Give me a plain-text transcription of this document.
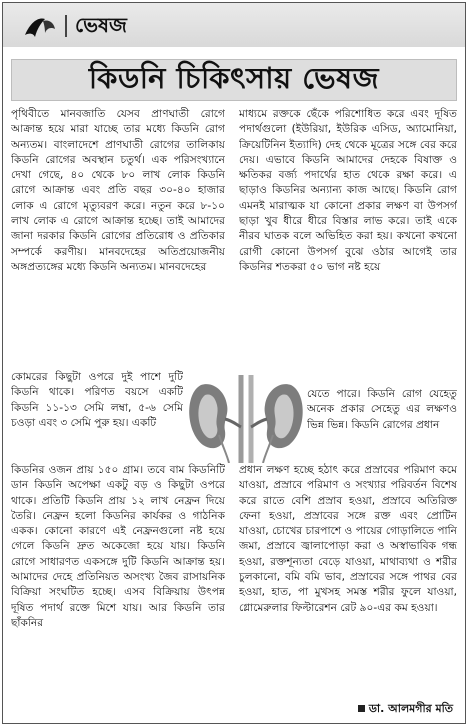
ভেষজ
কিডনি চিকিৎসায় ভেষজ

পৃথিবীতে মানবজাতি যেসব প্রাণঘাতী রোগে আক্রান্ত হয়ে মারা যাচ্ছে তার মধ্যে কিডনি রোগ অন্যতম। বাংলাদেশে প্রাণঘাতী রোগের তালিকায় কিডনি রোগের অবস্থান চতুর্থ। এক পরিসংখ্যানে দেখা গেছে, ৪০ থেকে ৮০ লাখ লোক কিডনি রোগে আক্রান্ত এবং প্রতি বছর ৩০-৪০ হাজার লোক এ রোগে মৃত্যুবরণ করে। নতুন করে ৮-১০ লাখ লোক এ রোগে আক্রান্ত হচ্ছে। তাই আমাদের জানা দরকার কিডনি রোগের প্রতিরোধ ও প্রতিকার সম্পর্কে করণীয়। মানবদেহের অতিপ্রয়োজনীয় অঙ্গপ্রত্যঙ্গের মধ্যে কিডনি অন্যতম। মানবদেহের

কোমরের কিছুটা ওপরে দুই পাশে দুটি কিডনি থাকে। পরিণত বয়সে একটি কিডনি ১১-১৩ সেমি লম্বা, ৫-৬ সেমি চওড়া এবং ৩ সেমি পুরু হয়। একটি

কিডনির ওজন প্রায় ১৫০ গ্রাম। তবে বাম কিডনিটি ডান কিডনি অপেক্ষা একটু বড় ও কিছুটা ওপরে থাকে। প্রতিটি কিডনি প্রায় ১২ লাখ নেফ্রন দিয়ে তৈরি। নেফ্রন হলো কিডনির কার্যকর ও গাঠনিক একক। কোনো কারণে এই নেফ্রনগুলো নষ্ট হয়ে গেলে কিডনি দ্রুত অকেজো হয়ে যায়। কিডনি রোগে সাধারণত একসঙ্গে দুটি কিডনি আক্রান্ত হয়। আমাদের দেহে প্রতিনিয়ত অসংখ্য জৈব রাসায়নিক বিক্রিয়া সংঘটিত হচ্ছে। এসব বিক্রিয়ায় উৎপন্ন দূষিত পদার্থ রক্তে মিশে যায়। আর কিডনি তার ছাঁকনির

মাধ্যমে রক্তকে ছেঁকে পরিশোধিত করে এবং দূষিত পদার্থগুলো (ইউরিয়া, ইউরিক এসিড, অ্যামোনিয়া, ক্রিয়েটিনিন ইত্যাদি) দেহ থেকে মূত্রের সঙ্গে বের করে দেয়। এভাবে কিডনি আমাদের দেহকে বিষাক্ত ও ক্ষতিকর বর্জ্য পদার্থের হাত থেকে রক্ষা করে। এ ছাড়াও কিডনির অন্যান্য কাজ আছে। কিডনি রোগ এমনই মারাত্মক যা কোনো প্রকার লক্ষণ বা উপসর্গ ছাড়া খুব ধীরে ধীরে বিস্তার লাভ করে। তাই একে নীরব ঘাতক বলে অভিহিত করা হয়। কখনো কখনো রোগী কোনো উপসর্গ বুঝে ওঠার আগেই তার কিডনির শতকরা ৫০ ভাগ নষ্ট হয়ে

যেতে পারে। কিডনি রোগ যেহেতু অনেক প্রকার সেহেতু এর লক্ষণও ভিন্ন ভিন্ন। কিডনি রোগের প্রধান

প্রধান লক্ষণ হচ্ছে হঠাৎ করে প্রস্রাবের পরিমাণ কমে যাওয়া, প্রস্রাবে পরিমাণ ও সংখ্যার পরিবর্তন বিশেষ করে রাতে বেশি প্রস্রাব হওয়া, প্রস্রাবে অতিরিক্ত ফেনা হওয়া, প্রস্রাবের সঙ্গে রক্ত এবং প্রোটিন যাওয়া, চোখের চারপাশে ও পায়ের গোড়ালিতে পানি জমা, প্রস্রাবে জ্বালাপোড়া করা ও অস্বাভাবিক গন্ধ হওয়া, রক্তশূন্যতা বেড়ে যাওয়া, মাথাব্যথা ও শরীর চুলকানো, বমি বমি ভাব, প্রস্রাবের সঙ্গে পাথর বের হওয়া, হাত, পা মুখসহ সমস্ত শরীর ফুলে যাওয়া, গ্লোমেরুলার ফিল্টারেশন রেট ৯০-এর কম হওয়া।

ডা. আলমগীর মতি
